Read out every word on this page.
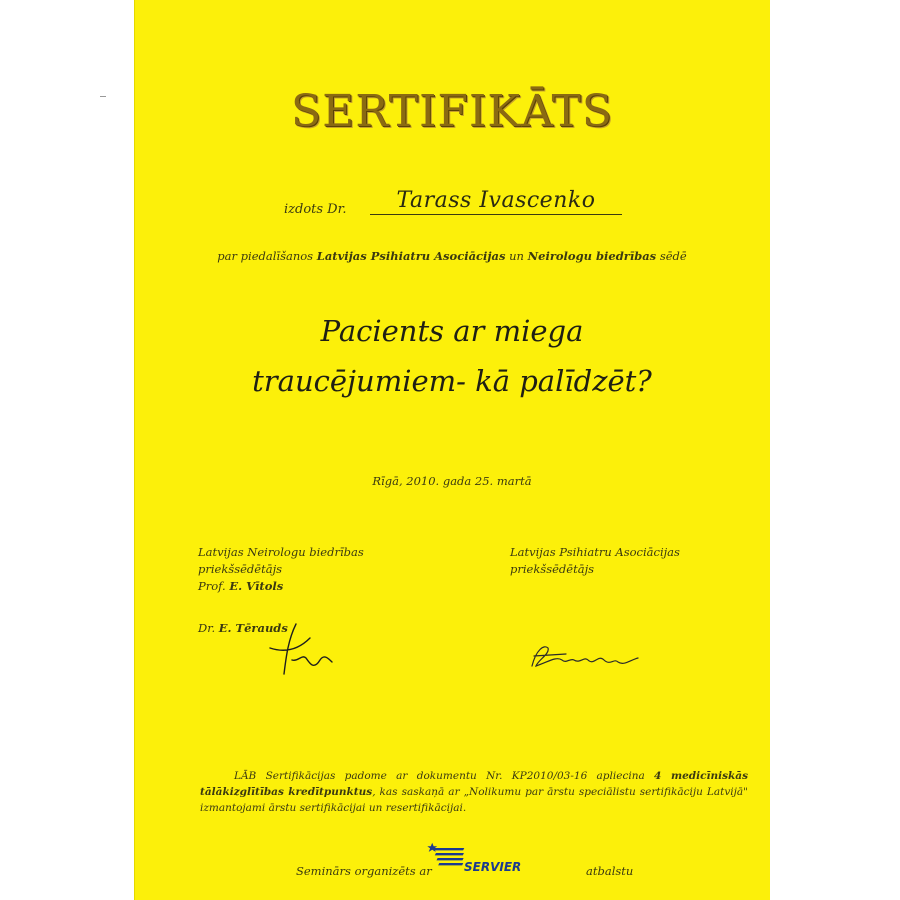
SERTIFIKĀTS
izdots Dr.	Tarass Ivascenko
par piedalīšanos Latvijas Psihiatru Asociācijas un Neirologu biedrības sēdē
Pacients ar miega
traucējumiem- kā palīdzēt?
Rīgā, 2010. gada 25. martā
Latvijas Neirologu biedrības
priekšsēdētājs
Prof. E. Vītols
Dr. E. Tērauds
Latvijas Psihiatru Asociācijas
priekšsēdētājs
LĀB Sertifikācijas padome ar dokumentu Nr. KP2010/03-16 apliecina 4 medicīniskās tālākizglītības kredītpunktus, kas saskaņā ar „Nolikumu par ārstu speciālistu sertifikāciju Latvijā" izmantojami ārstu sertifikācijai un resertifikācijai.
Seminārs organizēts ar	SERVIER	atbalstu
